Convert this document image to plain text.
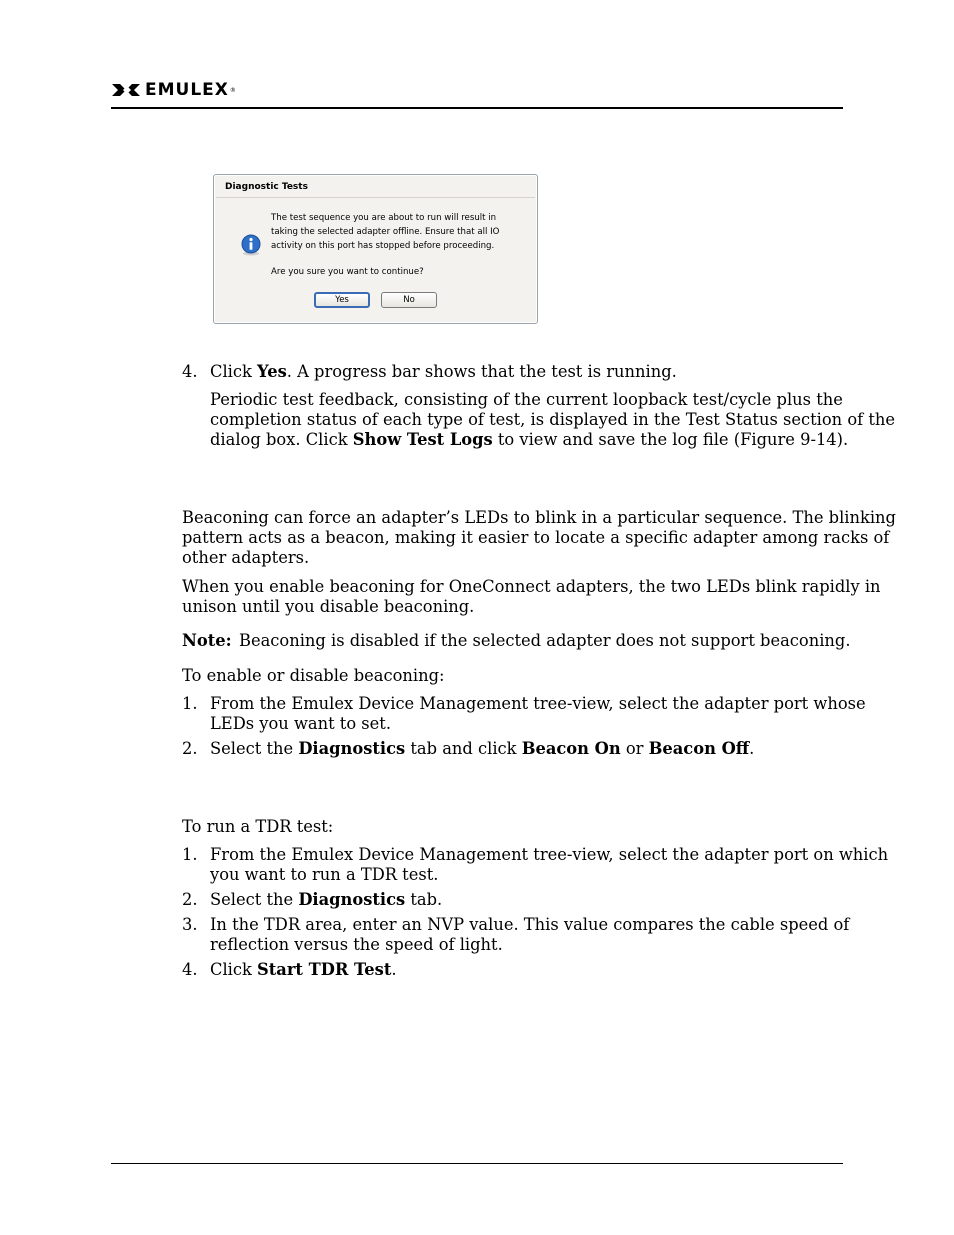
EMULEX ®
Diagnostic Tests
The test sequence you are about to run will result in
taking the selected adapter offline. Ensure that all IO
activity on this port has stopped before proceeding.
Are you sure you want to continue?
Yes	No
4. Click Yes. A progress bar shows that the test is running.
Periodic test feedback, consisting of the current loopback test/cycle plus the
completion status of each type of test, is displayed in the Test Status section of the
dialog box. Click Show Test Logs to view and save the log file (Figure 9-14).
Beaconing can force an adapter’s LEDs to blink in a particular sequence. The blinking
pattern acts as a beacon, making it easier to locate a specific adapter among racks of
other adapters.
When you enable beaconing for OneConnect adapters, the two LEDs blink rapidly in
unison until you disable beaconing.
Note: Beaconing is disabled if the selected adapter does not support beaconing.
To enable or disable beaconing:
1. From the Emulex Device Management tree-view, select the adapter port whose
LEDs you want to set.
2. Select the Diagnostics tab and click Beacon On or Beacon Off.
To run a TDR test:
1. From the Emulex Device Management tree-view, select the adapter port on which
you want to run a TDR test.
2. Select the Diagnostics tab.
3. In the TDR area, enter an NVP value. This value compares the cable speed of
reflection versus the speed of light.
4. Click Start TDR Test.
